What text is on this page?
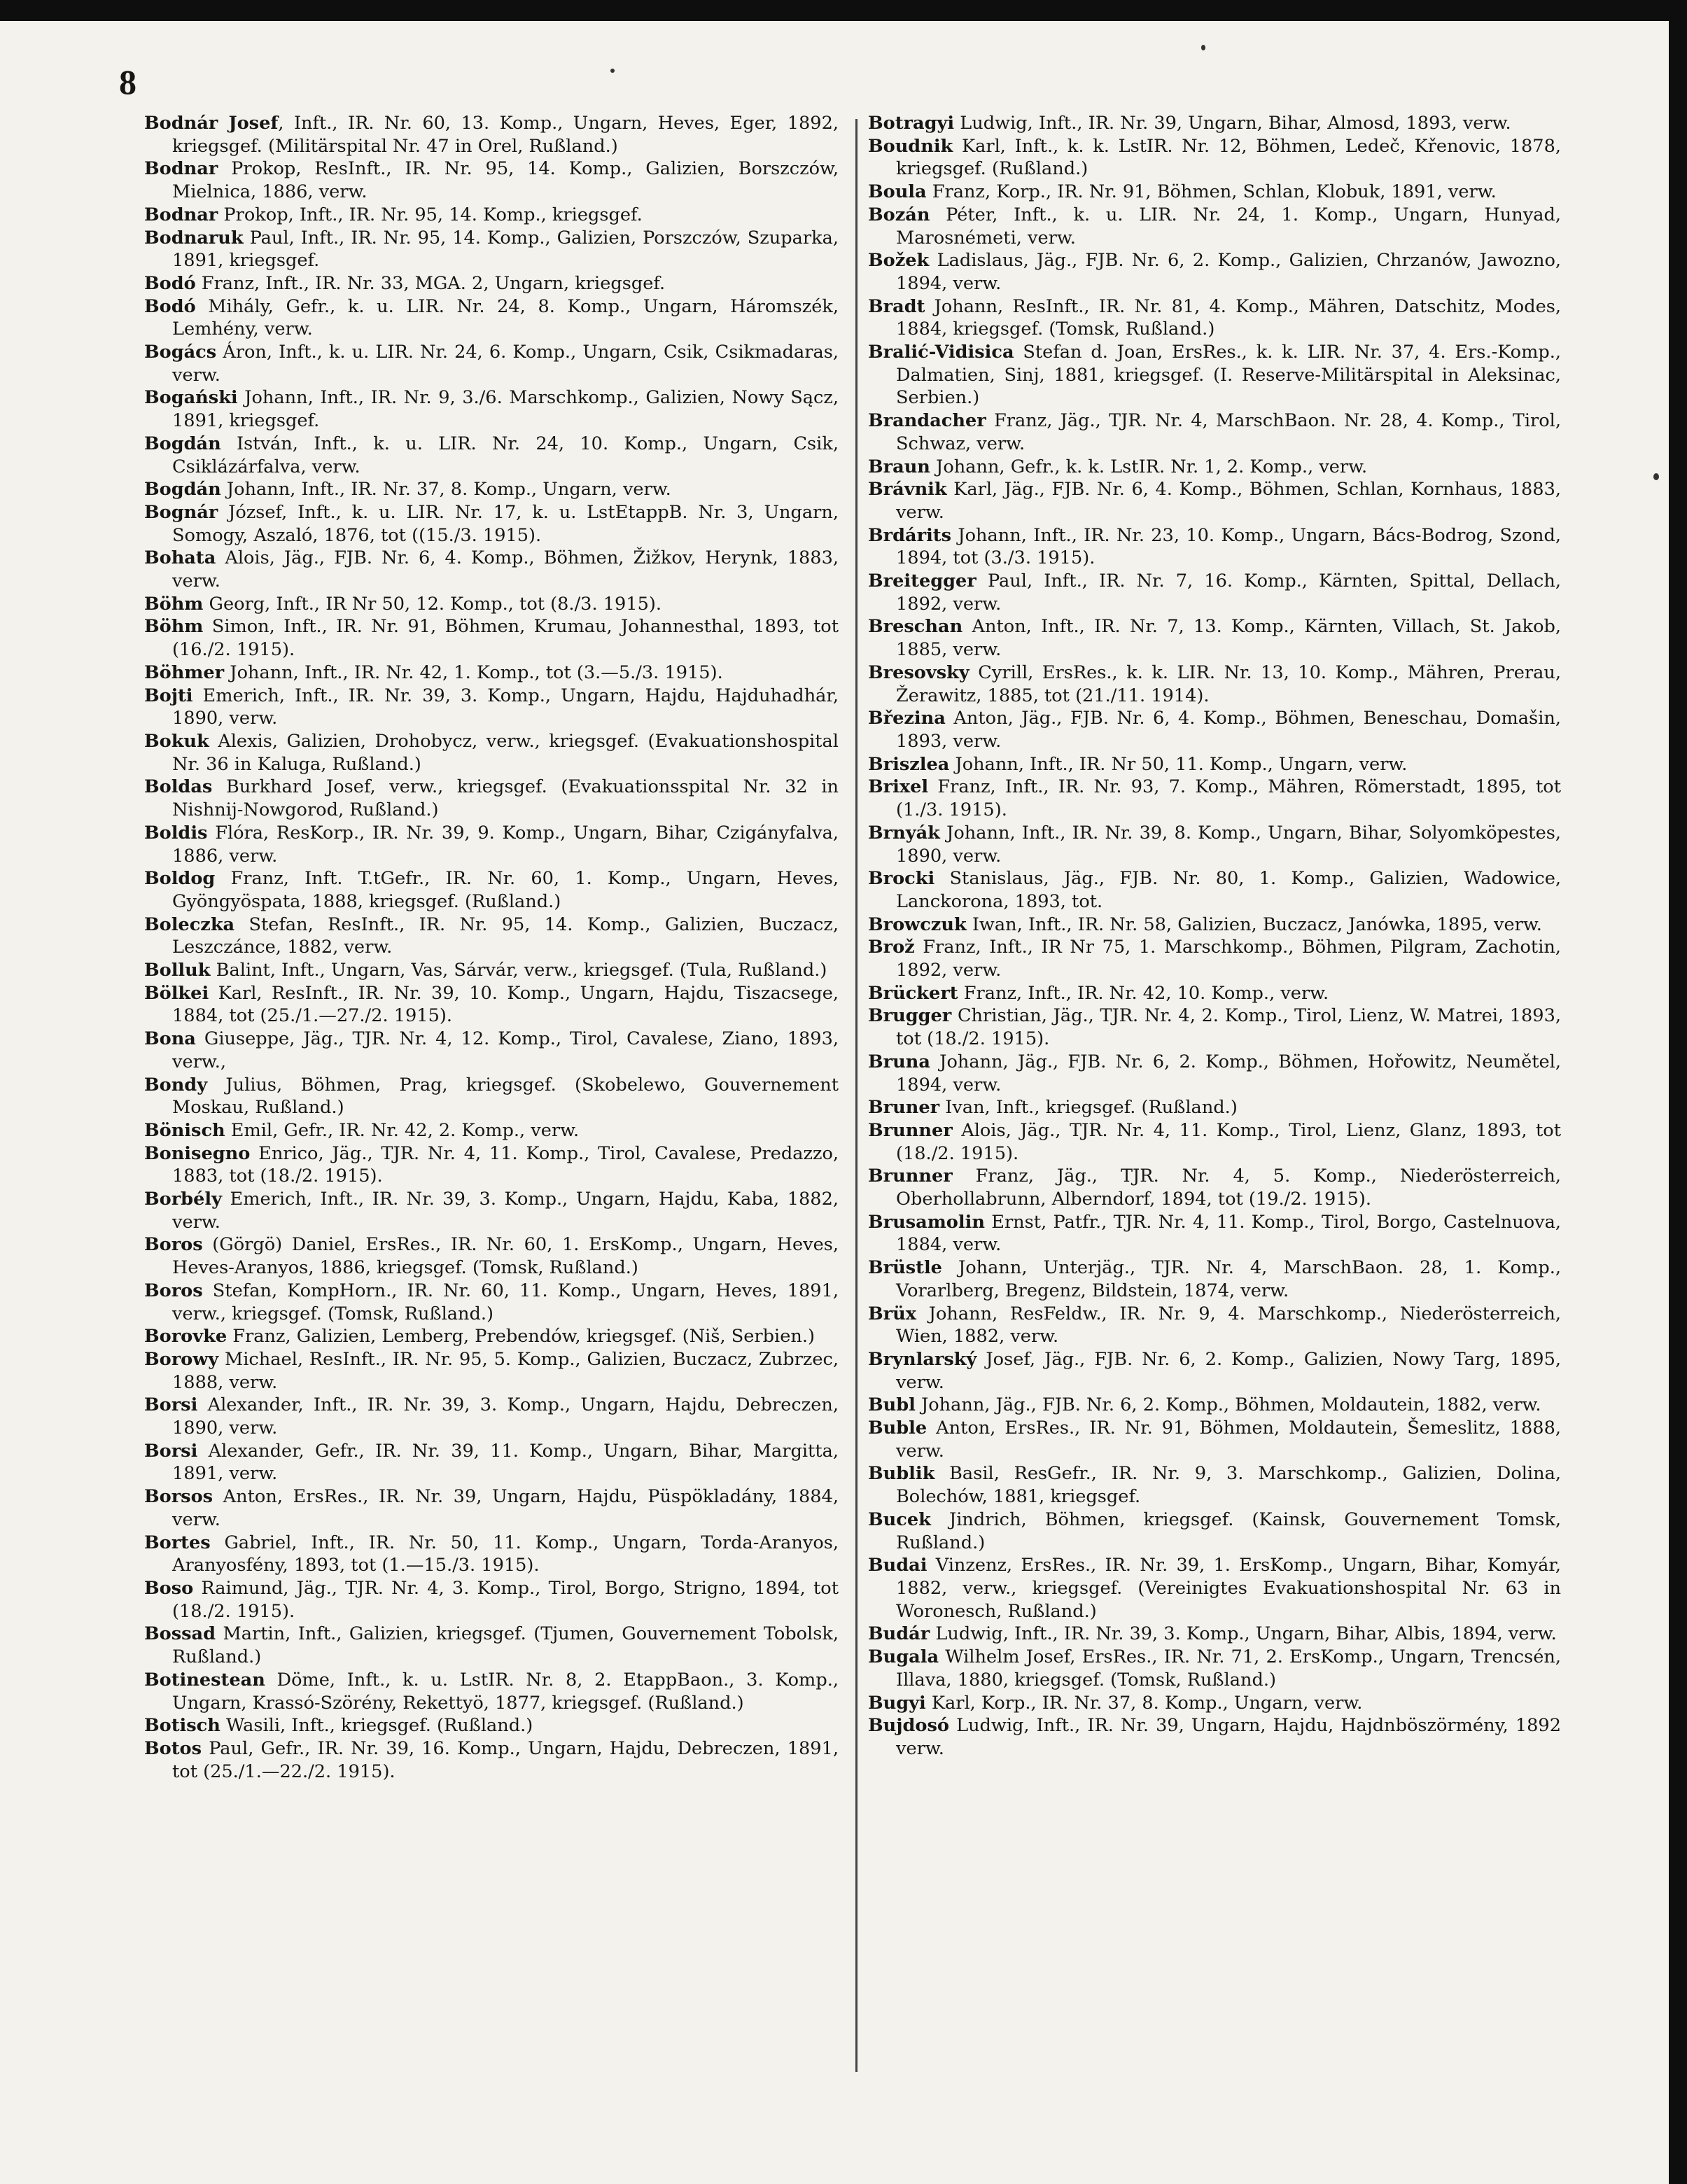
8

Bodnár Josef, Inft., IR. Nr. 60, 13. Komp., Ungarn, Heves, Eger, 1892, kriegsgef. (Militärspital Nr. 47 in Orel, Rußland.)

Bodnar Prokop, ResInft., IR. Nr. 95, 14. Komp., Galizien, Borszczów, Mielnica, 1886, verw.

Bodnar Prokop, Inft., IR. Nr. 95, 14. Komp., kriegsgef.

Bodnaruk Paul, Inft., IR. Nr. 95, 14. Komp., Galizien, Porszczów, Szuparka, 1891, kriegsgef.

Bodó Franz, Inft., IR. Nr. 33, MGA. 2, Ungarn, kriegsgef.

Bodó Mihály, Gefr., k. u. LIR. Nr. 24, 8. Komp., Ungarn, Háromszék, Lemhény, verw.

Bogács Áron, Inft., k. u. LIR. Nr. 24, 6. Komp., Ungarn, Csik, Csikmadaras, verw.

Bogański Johann, Inft., IR. Nr. 9, 3./6. Marschkomp., Galizien, Nowy Sącz, 1891, kriegsgef.

Bogdán István, Inft., k. u. LIR. Nr. 24, 10. Komp., Ungarn, Csik, Csiklázárfalva, verw.

Bogdán Johann, Inft., IR. Nr. 37, 8. Komp., Ungarn, verw.

Bognár József, Inft., k. u. LIR. Nr. 17, k. u. LstEtappB. Nr. 3, Ungarn, Somogy, Aszaló, 1876, tot ((15./3. 1915).

Bohata Alois, Jäg., FJB. Nr. 6, 4. Komp., Böhmen, Žižkov, Herynk, 1883, verw.

Böhm Georg, Inft., IR Nr 50, 12. Komp., tot (8./3. 1915).

Böhm Simon, Inft., IR. Nr. 91, Böhmen, Krumau, Johannesthal, 1893, tot (16./2. 1915).

Böhmer Johann, Inft., IR. Nr. 42, 1. Komp., tot (3.—5./3. 1915).

Bojti Emerich, Inft., IR. Nr. 39, 3. Komp., Ungarn, Hajdu, Hajduhadhár, 1890, verw.

Bokuk Alexis, Galizien, Drohobycz, verw., kriegsgef. (Evakuationshospital Nr. 36 in Kaluga, Rußland.)

Boldas Burkhard Josef, verw., kriegsgef. (Evakuationsspital Nr. 32 in Nishnij-Nowgorod, Rußland.)

Boldis Flóra, ResKorp., IR. Nr. 39, 9. Komp., Ungarn, Bihar, Czigányfalva, 1886, verw.

Boldog Franz, Inft. T.tGefr., IR. Nr. 60, 1. Komp., Ungarn, Heves, Gyöngyöspata, 1888, kriegsgef. (Rußland.)

Boleczka Stefan, ResInft., IR. Nr. 95, 14. Komp., Galizien, Buczacz, Leszczánce, 1882, verw.

Bolluk Balint, Inft., Ungarn, Vas, Sárvár, verw., kriegsgef. (Tula, Rußland.)

Bölkei Karl, ResInft., IR. Nr. 39, 10. Komp., Ungarn, Hajdu, Tiszacsege, 1884, tot (25./1.—27./2. 1915).

Bona Giuseppe, Jäg., TJR. Nr. 4, 12. Komp., Tirol, Cavalese, Ziano, 1893, verw.,

Bondy Julius, Böhmen, Prag, kriegsgef. (Skobelewo, Gouvernement Moskau, Rußland.)

Bönisch Emil, Gefr., IR. Nr. 42, 2. Komp., verw.

Bonisegno Enrico, Jäg., TJR. Nr. 4, 11. Komp., Tirol, Cavalese, Predazzo, 1883, tot (18./2. 1915).

Borbély Emerich, Inft., IR. Nr. 39, 3. Komp., Ungarn, Hajdu, Kaba, 1882, verw.

Boros (Görgö) Daniel, ErsRes., IR. Nr. 60, 1. ErsKomp., Ungarn, Heves, Heves-Aranyos, 1886, kriegsgef. (Tomsk, Rußland.)

Boros Stefan, KompHorn., IR. Nr. 60, 11. Komp., Ungarn, Heves, 1891, verw., kriegsgef. (Tomsk, Rußland.)

Borovke Franz, Galizien, Lemberg, Prebendów, kriegsgef. (Niš, Serbien.)

Borowy Michael, ResInft., IR. Nr. 95, 5. Komp., Galizien, Buczacz, Zubrzec, 1888, verw.

Borsi Alexander, Inft., IR. Nr. 39, 3. Komp., Ungarn, Hajdu, Debreczen, 1890, verw.

Borsi Alexander, Gefr., IR. Nr. 39, 11. Komp., Ungarn, Bihar, Margitta, 1891, verw.

Borsos Anton, ErsRes., IR. Nr. 39, Ungarn, Hajdu, Püspökladány, 1884, verw.

Bortes Gabriel, Inft., IR. Nr. 50, 11. Komp., Ungarn, Torda-Aranyos, Aranyosfény, 1893, tot (1.—15./3. 1915).

Boso Raimund, Jäg., TJR. Nr. 4, 3. Komp., Tirol, Borgo, Strigno, 1894, tot (18./2. 1915).

Bossad Martin, Inft., Galizien, kriegsgef. (Tjumen, Gouvernement Tobolsk, Rußland.)

Botinestean Döme, Inft., k. u. LstIR. Nr. 8, 2. EtappBaon., 3. Komp., Ungarn, Krassó-Szörény, Rekettyö, 1877, kriegsgef. (Rußland.)

Botisch Wasili, Inft., kriegsgef. (Rußland.)

Botos Paul, Gefr., IR. Nr. 39, 16. Komp., Ungarn, Hajdu, Debreczen, 1891, tot (25./1.—22./2. 1915).

Botragyi Ludwig, Inft., IR. Nr. 39, Ungarn, Bihar, Almosd, 1893, verw.

Boudnik Karl, Inft., k. k. LstIR. Nr. 12, Böhmen, Ledeč, Křenovic, 1878, kriegsgef. (Rußland.)

Boula Franz, Korp., IR. Nr. 91, Böhmen, Schlan, Klobuk, 1891, verw.

Bozán Péter, Inft., k. u. LIR. Nr. 24, 1. Komp., Ungarn, Hunyad, Marosnémeti, verw.

Božek Ladislaus, Jäg., FJB. Nr. 6, 2. Komp., Galizien, Chrzanów, Jawozno, 1894, verw.

Bradt Johann, ResInft., IR. Nr. 81, 4. Komp., Mähren, Datschitz, Modes, 1884, kriegsgef. (Tomsk, Rußland.)

Bralić-Vidisica Stefan d. Joan, ErsRes., k. k. LIR. Nr. 37, 4. Ers.-Komp., Dalmatien, Sinj, 1881, kriegsgef. (I. Reserve-Militärspital in Aleksinac, Serbien.)

Brandacher Franz, Jäg., TJR. Nr. 4, MarschBaon. Nr. 28, 4. Komp., Tirol, Schwaz, verw.

Braun Johann, Gefr., k. k. LstIR. Nr. 1, 2. Komp., verw.

Brávnik Karl, Jäg., FJB. Nr. 6, 4. Komp., Böhmen, Schlan, Kornhaus, 1883, verw.

Brdárits Johann, Inft., IR. Nr. 23, 10. Komp., Ungarn, Bács-Bodrog, Szond, 1894, tot (3./3. 1915).

Breitegger Paul, Inft., IR. Nr. 7, 16. Komp., Kärnten, Spittal, Dellach, 1892, verw.

Breschan Anton, Inft., IR. Nr. 7, 13. Komp., Kärnten, Villach, St. Jakob, 1885, verw.

Bresovsky Cyrill, ErsRes., k. k. LIR. Nr. 13, 10. Komp., Mähren, Prerau, Žerawitz, 1885, tot (21./11. 1914).

Březina Anton, Jäg., FJB. Nr. 6, 4. Komp., Böhmen, Beneschau, Domašin, 1893, verw.

Briszlea Johann, Inft., IR. Nr 50, 11. Komp., Ungarn, verw.

Brixel Franz, Inft., IR. Nr. 93, 7. Komp., Mähren, Römerstadt, 1895, tot (1./3. 1915).

Brnyák Johann, Inft., IR. Nr. 39, 8. Komp., Ungarn, Bihar, Solyomköpestes, 1890, verw.

Brocki Stanislaus, Jäg., FJB. Nr. 80, 1. Komp., Galizien, Wadowice, Lanckorona, 1893, tot.

Browczuk Iwan, Inft., IR. Nr. 58, Galizien, Buczacz, Janówka, 1895, verw.

Brož Franz, Inft., IR Nr 75, 1. Marschkomp., Böhmen, Pilgram, Zachotin, 1892, verw.

Brückert Franz, Inft., IR. Nr. 42, 10. Komp., verw.

Brugger Christian, Jäg., TJR. Nr. 4, 2. Komp., Tirol, Lienz, W. Matrei, 1893, tot (18./2. 1915).

Bruna Johann, Jäg., FJB. Nr. 6, 2. Komp., Böhmen, Hořowitz, Neumětel, 1894, verw.

Bruner Ivan, Inft., kriegsgef. (Rußland.)

Brunner Alois, Jäg., TJR. Nr. 4, 11. Komp., Tirol, Lienz, Glanz, 1893, tot (18./2. 1915).

Brunner Franz, Jäg., TJR. Nr. 4, 5. Komp., Niederösterreich, Oberhollabrunn, Alberndorf, 1894, tot (19./2. 1915).

Brusamolin Ernst, Patfr., TJR. Nr. 4, 11. Komp., Tirol, Borgo, Castelnuova, 1884, verw.

Brüstle Johann, Unterjäg., TJR. Nr. 4, MarschBaon. 28, 1. Komp., Vorarlberg, Bregenz, Bildstein, 1874, verw.

Brüx Johann, ResFeldw., IR. Nr. 9, 4. Marschkomp., Niederösterreich, Wien, 1882, verw.

Brynlarský Josef, Jäg., FJB. Nr. 6, 2. Komp., Galizien, Nowy Targ, 1895, verw.

Bubl Johann, Jäg., FJB. Nr. 6, 2. Komp., Böhmen, Moldautein, 1882, verw.

Buble Anton, ErsRes., IR. Nr. 91, Böhmen, Moldautein, Šemeslitz, 1888, verw.

Bublik Basil, ResGefr., IR. Nr. 9, 3. Marschkomp., Galizien, Dolina, Bolechów, 1881, kriegsgef.

Bucek Jindrich, Böhmen, kriegsgef. (Kainsk, Gouvernement Tomsk, Rußland.)

Budai Vinzenz, ErsRes., IR. Nr. 39, 1. ErsKomp., Ungarn, Bihar, Komyár, 1882, verw., kriegsgef. (Vereinigtes Evakuationshospital Nr. 63 in Woronesch, Rußland.)

Budár Ludwig, Inft., IR. Nr. 39, 3. Komp., Ungarn, Bihar, Albis, 1894, verw.

Bugala Wilhelm Josef, ErsRes., IR. Nr. 71, 2. ErsKomp., Ungarn, Trencsén, Illava, 1880, kriegsgef. (Tomsk, Rußland.)

Bugyi Karl, Korp., IR. Nr. 37, 8. Komp., Ungarn, verw.

Bujdosó Ludwig, Inft., IR. Nr. 39, Ungarn, Hajdu, Hajdnböszörmény, 1892 verw.
